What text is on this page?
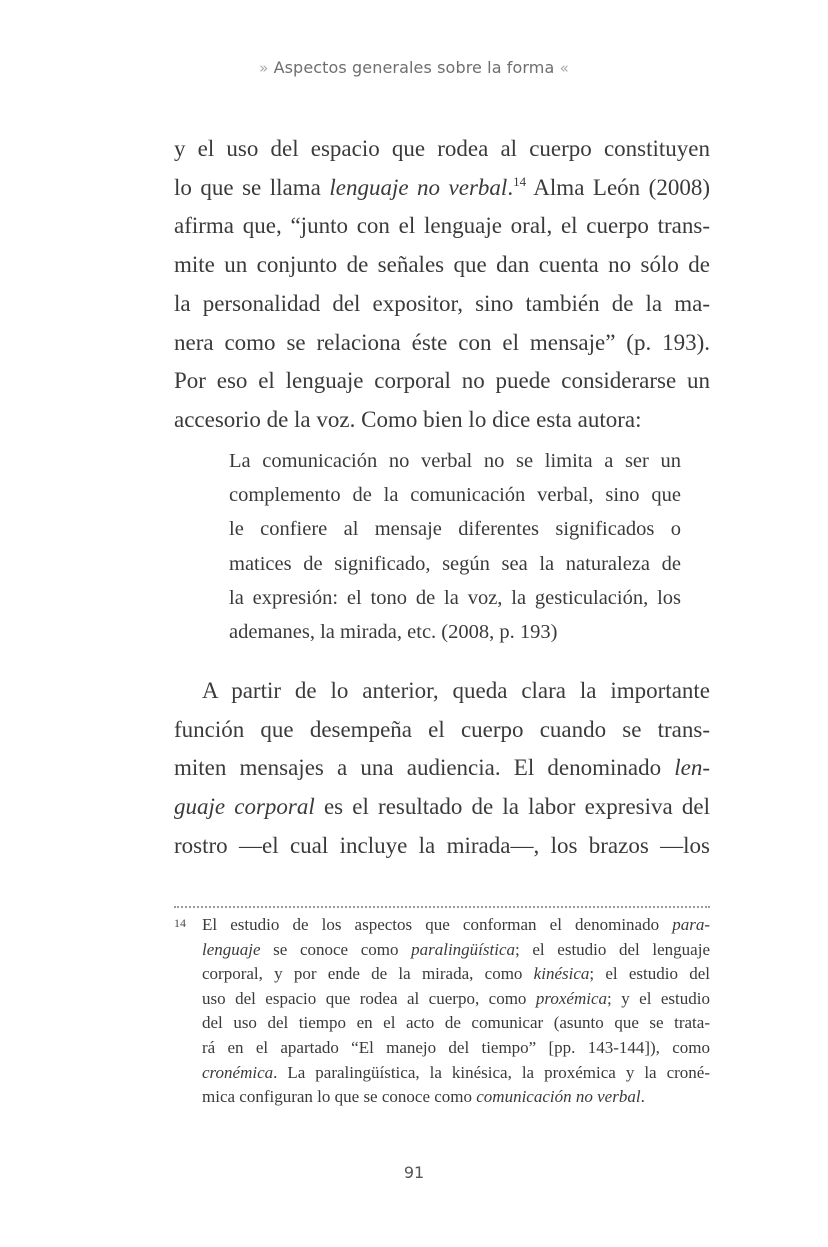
» Aspectos generales sobre la forma «
y el uso del espacio que rodea al cuerpo constituyen
lo que se llama lenguaje no verbal.$^{14}$ Alma León (2008)
afirma que, “junto con el lenguaje oral, el cuerpo trans-
mite un conjunto de señales que dan cuenta no sólo de
la personalidad del expositor, sino también de la ma-
nera como se relaciona éste con el mensaje” (p. 193).
Por eso el lenguaje corporal no puede considerarse un
accesorio de la voz. Como bien lo dice esta autora:
La comunicación no verbal no se limita a ser un
complemento de la comunicación verbal, sino que
le confiere al mensaje diferentes significados o
matices de significado, según sea la naturaleza de
la expresión: el tono de la voz, la gesticulación, los
ademanes, la mirada, etc. (2008, p. 193)
A partir de lo anterior, queda clara la importante
función que desempeña el cuerpo cuando se trans-
miten mensajes a una audiencia. El denominado len-
guaje corporal es el resultado de la labor expresiva del
rostro —el cual incluye la mirada—, los brazos —los
14 El estudio de los aspectos que conforman el denominado para-
lenguaje se conoce como paralingüística; el estudio del lenguaje
corporal, y por ende de la mirada, como kinésica; el estudio del
uso del espacio que rodea al cuerpo, como proxémica; y el estudio
del uso del tiempo en el acto de comunicar (asunto que se trata-
rá en el apartado “El manejo del tiempo” [pp. 143-144]), como
cronémica. La paralingüística, la kinésica, la proxémica y la croné-
mica configuran lo que se conoce como comunicación no verbal.
91
